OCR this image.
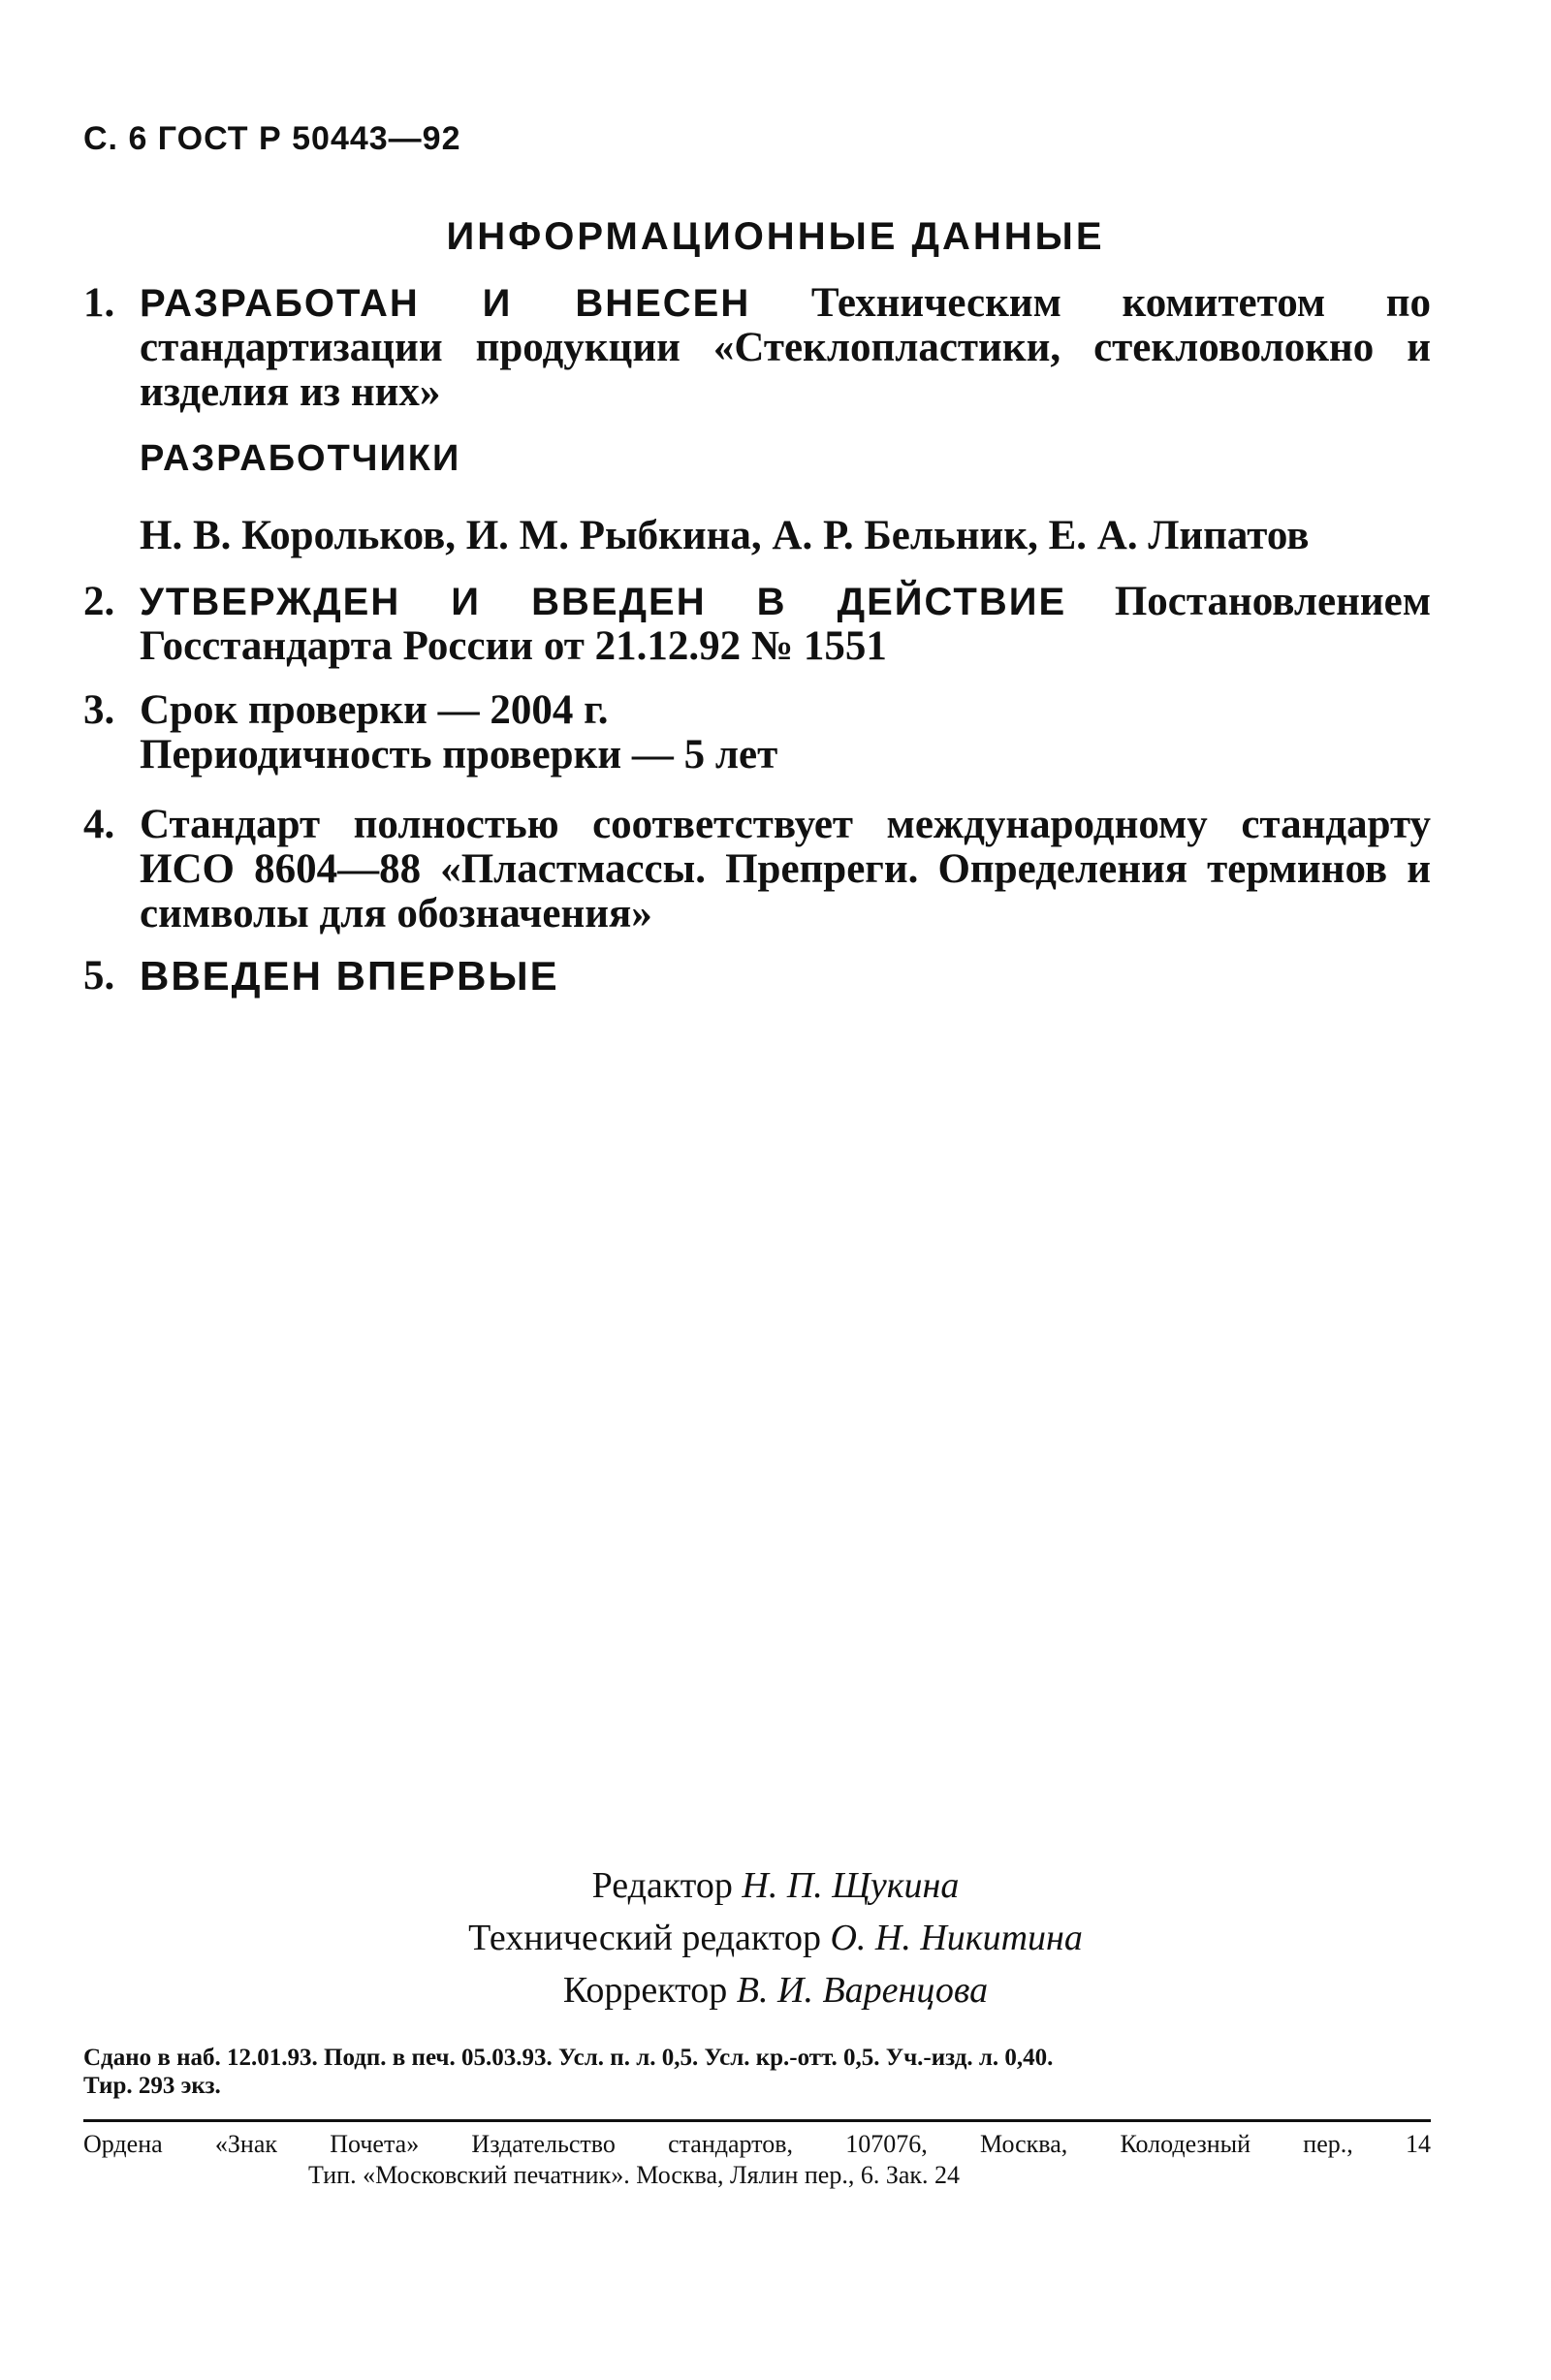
С. 6 ГОСТ Р 50443—92
ИНФОРМАЦИОННЫЕ ДАННЫЕ
1. РАЗРАБОТАН И ВНЕСЕН Техническим комитетом по стандартизации продукции «Стеклопластики, стекловолокно и изделия из них»
РАЗРАБОТЧИКИ
Н. В. Корольков, И. М. Рыбкина, А. Р. Бельник, Е. А. Липатов
2. УТВЕРЖДЕН И ВВЕДЕН В ДЕЙСТВИЕ Постановлением Госстандарта России от 21.12.92 № 1551
3. Срок проверки — 2004 г.
Периодичность проверки — 5 лет
4. Стандарт полностью соответствует международному стандарту ИСО 8604—88 «Пластмассы. Препреги. Определения терминов и символы для обозначения»
5. ВВЕДЕН ВПЕРВЫЕ
Редактор Н. П. Щукина
Технический редактор О. Н. Никитина
Корректор В. И. Варенцова
Сдано в наб. 12.01.93. Подп. в печ. 05.03.93. Усл. п. л. 0,5. Усл. кр.-отт. 0,5. Уч.-изд. л. 0,40.
Тир. 293 экз.
Ордена «Знак Почета» Издательство стандартов, 107076, Москва, Колодезный пер., 14
Тип. «Московский печатник». Москва, Лялин пер., 6. Зак. 24
